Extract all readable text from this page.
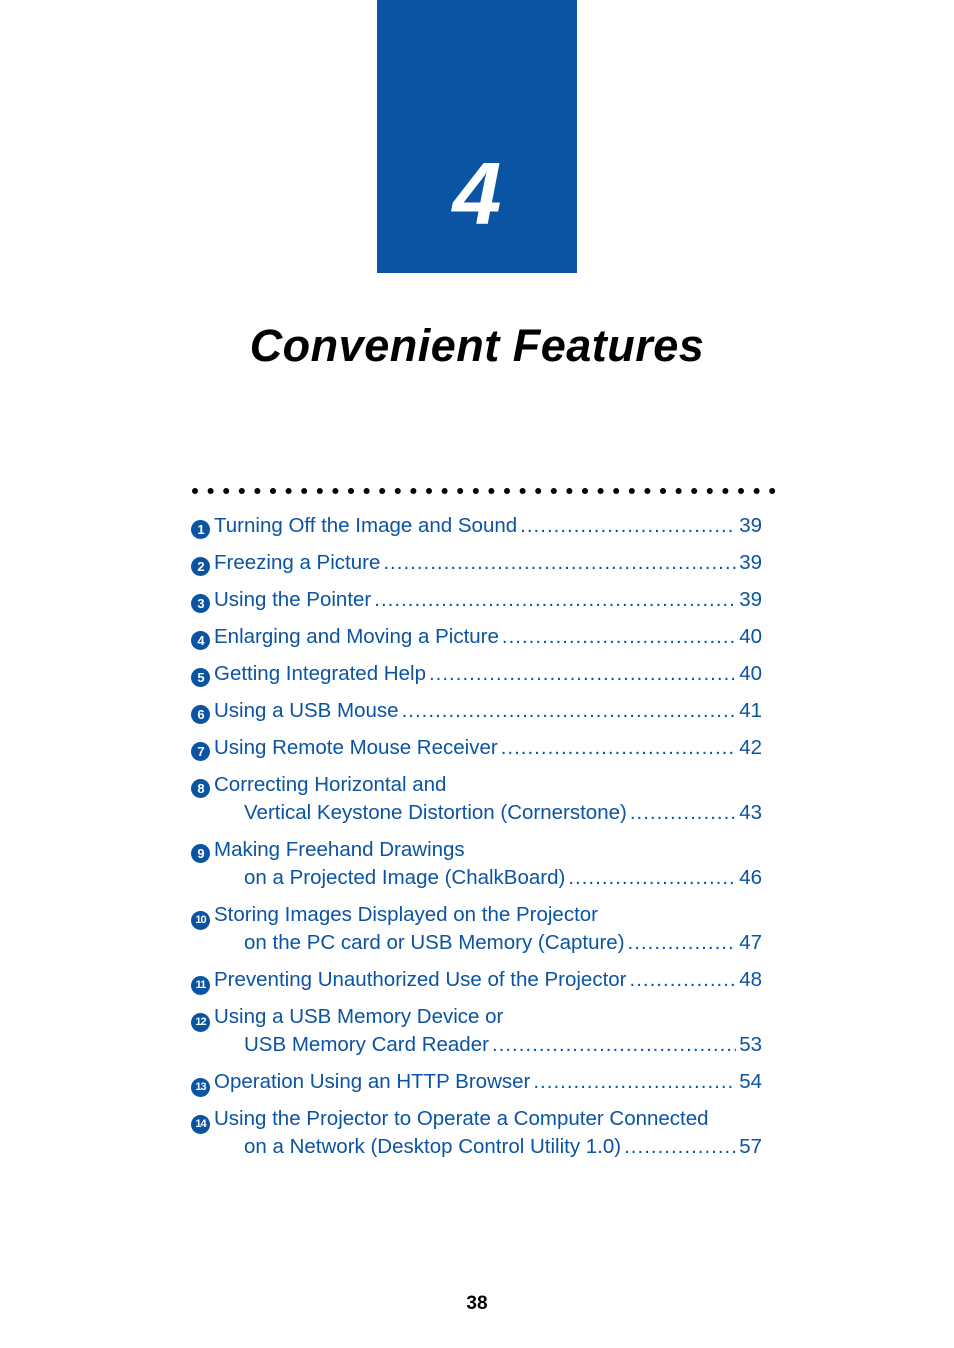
4
Convenient Features
1 Turning Off the Image and Sound .....	39
2 Freezing a Picture .....	39
3 Using the Pointer .....	39
4 Enlarging and Moving a Picture .....	40
5 Getting Integrated Help .....	40
6 Using a USB Mouse .....	41
7 Using Remote Mouse Receiver .....	42
8 Correcting Horizontal and
Vertical Keystone Distortion (Cornerstone) .....	43
9 Making Freehand Drawings
on a Projected Image (ChalkBoard) .....	46
10 Storing Images Displayed on the Projector
on the PC card or USB Memory (Capture) .....	47
11 Preventing Unauthorized Use of the Projector .....	48
12 Using a USB Memory Device or
USB Memory Card Reader .....	53
13 Operation Using an HTTP Browser .....	54
14 Using the Projector to Operate a Computer Connected
on a Network (Desktop Control Utility 1.0) .....	57
38
